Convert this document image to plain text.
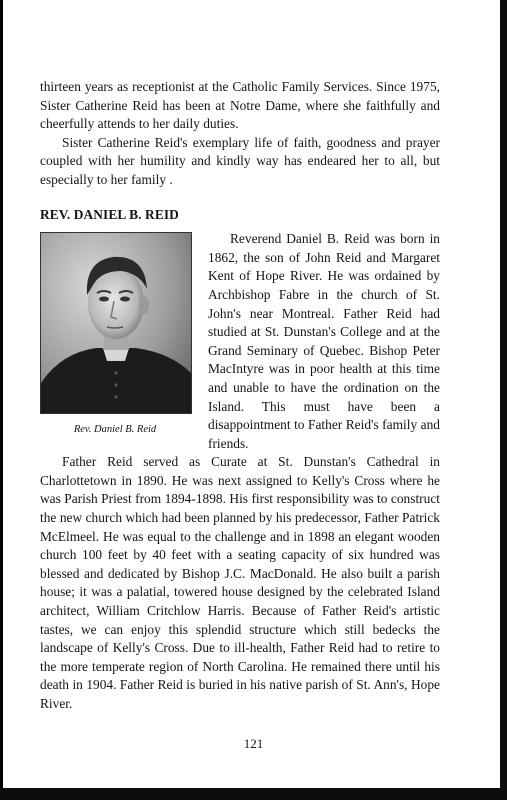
thirteen years as receptionist at the Catholic Family Services. Since 1975, Sister Catherine Reid has been at Notre Dame, where she faithfully and cheerfully attends to her daily duties.

Sister Catherine Reid's exemplary life of faith, goodness and prayer coupled with her humility and kindly way has endeared her to all, but especially to her family .

REV. DANIEL B. REID
Rev. Daniel B. Reid

Reverend Daniel B. Reid was born in 1862, the son of John Reid and Margaret Kent of Hope River. He was ordained by Archbishop Fabre in the church of St. John's near Montreal. Father Reid had studied at St. Dunstan's College and at the Grand Seminary of Quebec. Bishop Peter MacIntyre was in poor health at this time and unable to have the ordination on the Island. This must have been a disappointment to Father Reid's family and friends.

Father Reid served as Curate at St. Dunstan's Cathedral in Charlottetown in 1890. He was next assigned to Kelly's Cross where he was Parish Priest from 1894-1898. His first responsibility was to construct the new church which had been planned by his predecessor, Father Patrick McElmeel. He was equal to the challenge and in 1898 an elegant wooden church 100 feet by 40 feet with a seating capacity of six hundred was blessed and dedicated by Bishop J.C. MacDonald. He also built a parish house; it was a palatial, towered house designed by the celebrated Island architect, William Critchlow Harris. Because of Father Reid's artistic tastes, we can enjoy this splendid structure which still bedecks the landscape of Kelly's Cross. Due to ill-health, Father Reid had to retire to the more temperate region of North Carolina. He remained there until his death in 1904. Father Reid is buried in his native parish of St. Ann's, Hope River.

121
